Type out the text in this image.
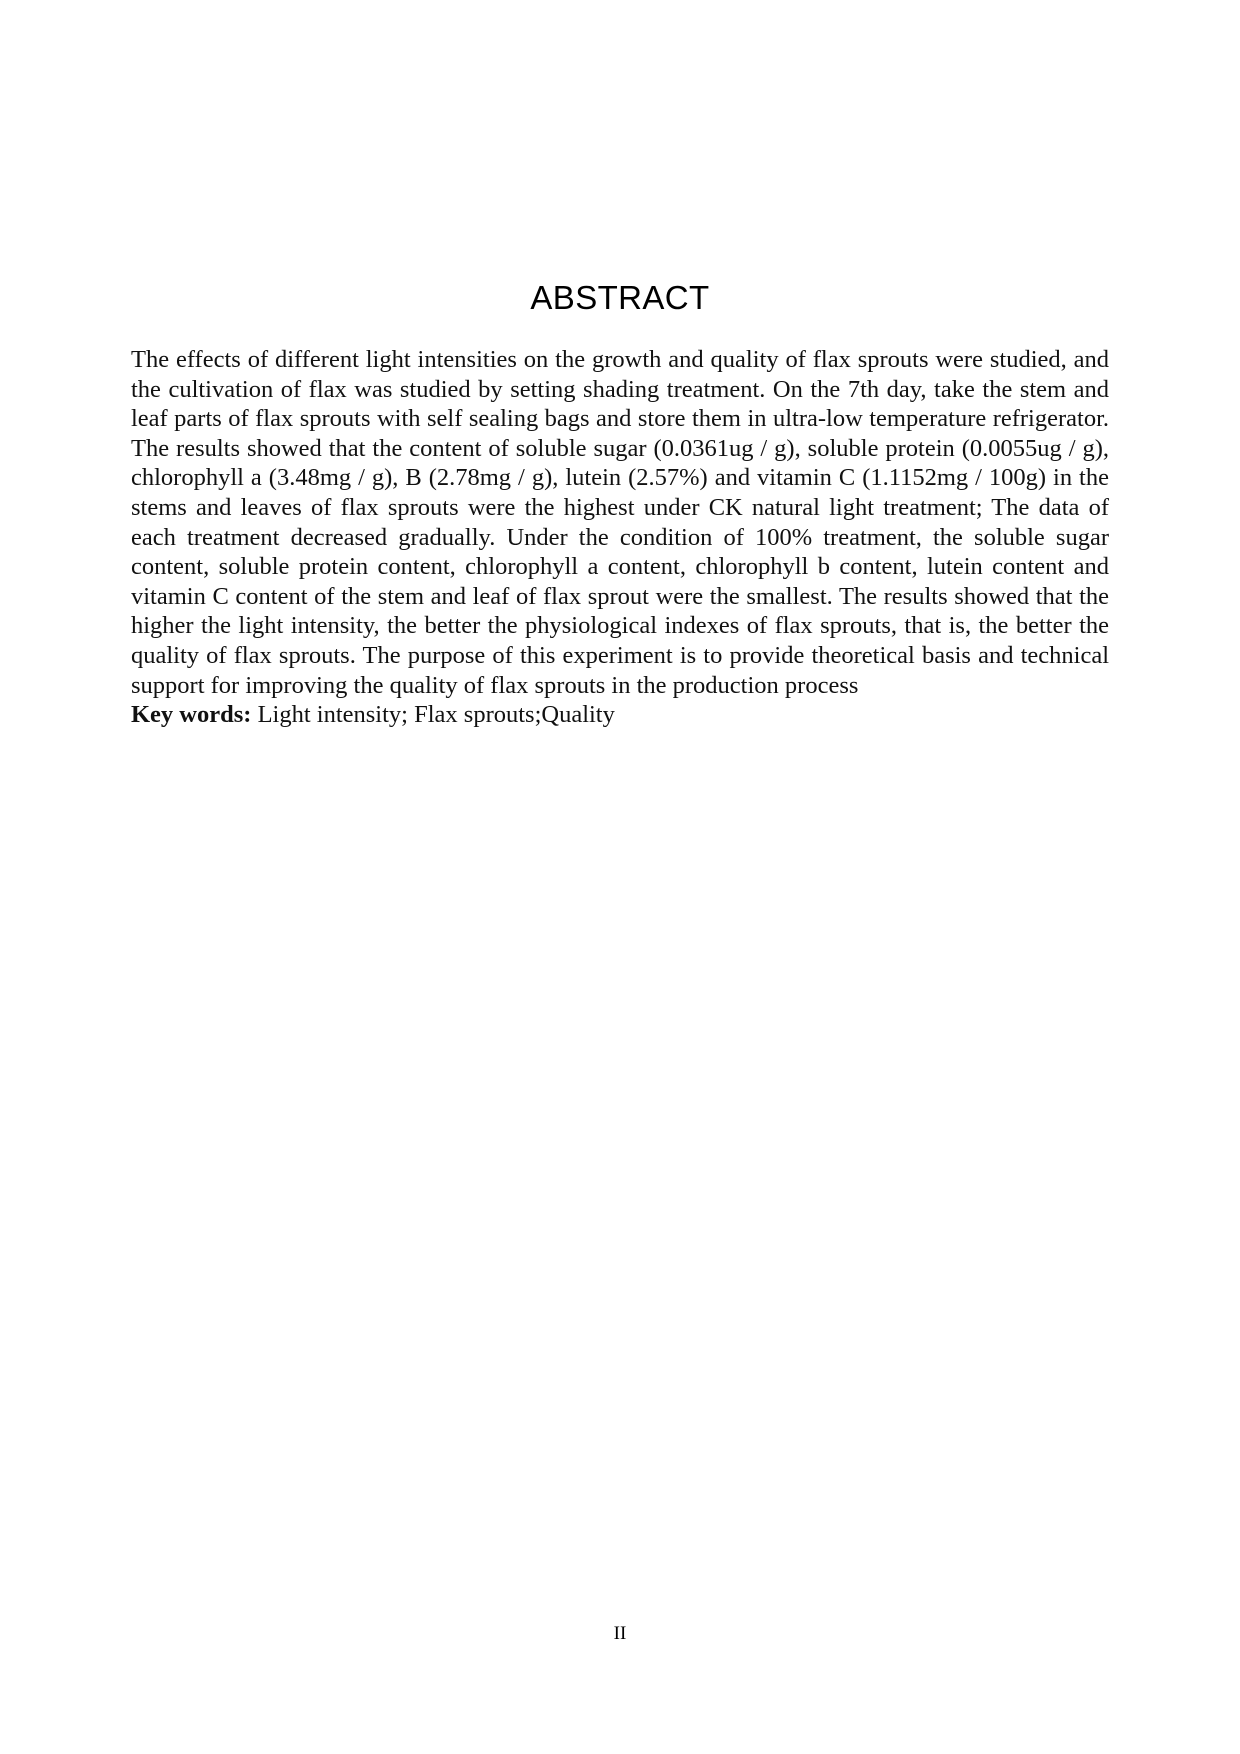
ABSTRACT

The effects of different light intensities on the growth and quality of flax sprouts were studied, and the cultivation of flax was studied by setting shading treatment. On the 7th day, take the stem and leaf parts of flax sprouts with self sealing bags and store them in ultra-low temperature refrigerator. The results showed that the content of soluble sugar (0.0361ug / g), soluble protein (0.0055ug / g), chlorophyll a (3.48mg / g), B (2.78mg / g), lutein (2.57%) and vitamin C (1.1152mg / 100g) in the stems and leaves of flax sprouts were the highest under CK natural light treatment; The data of each treatment decreased gradually. Under the condition of 100% treatment, the soluble sugar content, soluble protein content, chlorophyll a content, chlorophyll b content, lutein content and vitamin C content of the stem and leaf of flax sprout were the smallest. The results showed that the higher the light intensity, the better the physiological indexes of flax sprouts, that is, the better the quality of flax sprouts. The purpose of this experiment is to provide theoretical basis and technical support for improving the quality of flax sprouts in the production process

Key words: Light intensity; Flax sprouts;Quality

II
